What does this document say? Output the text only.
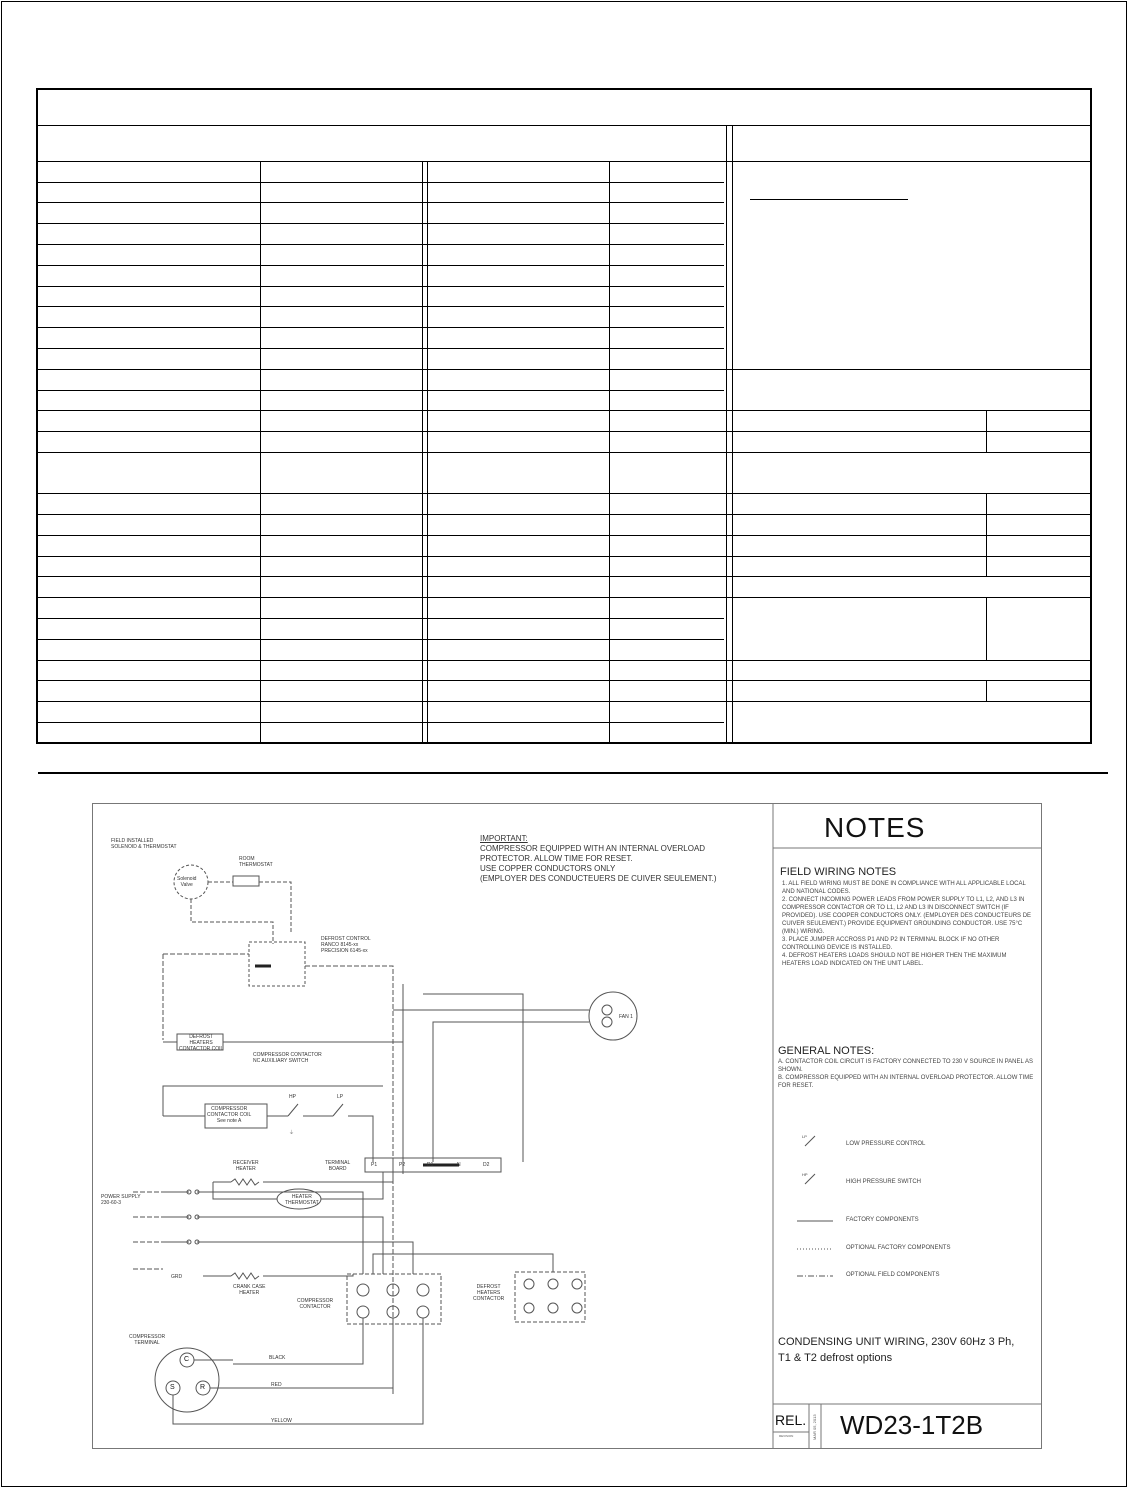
⏚
FIELD INSTALLED
SOLENOID & THERMOSTAT
Solenoid
Valve
ROOM
THERMOSTAT
DEFROST CONTROL
RANCO 8145-xx
PRECISION 6145-xx
DEFROST
HEATERS
CONTACTOR COIL
COMPRESSOR CONTACTOR
NC AUXILIARY SWITCH
COMPRESSOR
CONTACTOR COIL
See note A
HP	LP
FAN 1
RECEIVER
HEATER
TERMINAL
BOARD
P1	P2	D1	N	D2
HEATER
THERMOSTAT
POWER SUPPLY
230-60-3
GRD
CRANK CASE
HEATER
COMPRESSOR
CONTACTOR
DEFROST
HEATERS
CONTACTOR
COMPRESSOR
TERMINAL
C
S	R
BLACK
RED
YELLOW
IMPORTANT:
COMPRESSOR EQUIPPED WITH AN INTERNAL OVERLOAD PROTECTOR. ALLOW TIME FOR RESET.
USE COPPER CONDUCTORS ONLY
(EMPLOYER DES CONDUCTEUERS DE CUIVER SEULEMENT.)
NOTES
FIELD WIRING NOTES
1. ALL FIELD WIRING MUST BE DONE IN COMPLIANCE WITH ALL APPLICABLE LOCAL AND NATIONAL CODES.
2. CONNECT INCOMING POWER LEADS FROM POWER SUPPLY TO L1, L2, AND L3 IN COMPRESSOR CONTACTOR OR TO L1, L2 AND L3 IN DISCONNECT SWITCH (IF PROVIDED). USE COOPER CONDUCTORS ONLY. (EMPLOYER DES CONDUCTEURS DE CUIVER SEULEMENT.) PROVIDE EQUIPMENT GROUNDING CONDUCTOR. USE 75°C (MIN.) WIRING.
3. PLACE JUMPER ACCROSS P1 AND P2 IN TERMINAL BLOCK IF NO OTHER CONTROLLING DEVICE IS INSTALLED.
4. DEFROST HEATERS LOADS SHOULD NOT BE HIGHER THEN THE MAXIMUM HEATERS LOAD INDICATED ON THE UNIT LABEL.
GENERAL NOTES:
A. CONTACTOR COIL CIRCUIT IS FACTORY CONNECTED TO 230 V SOURCE IN PANEL AS SHOWN.
B. COMPRESSOR EQUIPPED WITH AN INTERNAL OVERLOAD PROTECTOR. ALLOW TIME FOR RESET.
LP
LOW PRESSURE CONTROL
HP
HIGH PRESSURE SWITCH
FACTORY COMPONENTS
OPTIONAL FACTORY COMPONENTS
OPTIONAL FIELD COMPONENTS
CONDENSING UNIT WIRING, 230V 60Hz 3 Ph,
T1 & T2 defrost options
REL.
REVISION	MAR 05, 2013 WD23-1T2B
